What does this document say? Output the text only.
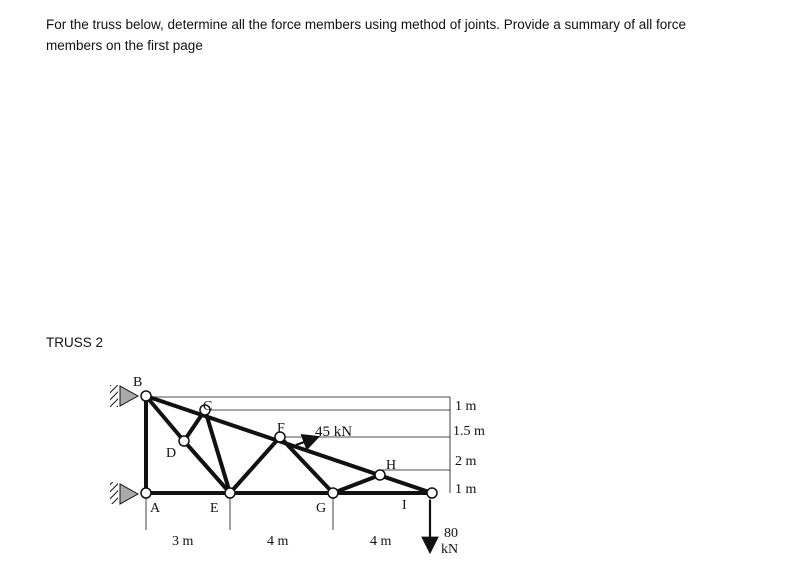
For the truss below, determine all the force members using method of joints. Provide a summary of all force members on the first page

TRUSS 2

A
B
C
D
E
F
G
H
I
45 kN
80
kN
3 m	4 m	4 m
1 m
1.5 m
2 m
1 m
